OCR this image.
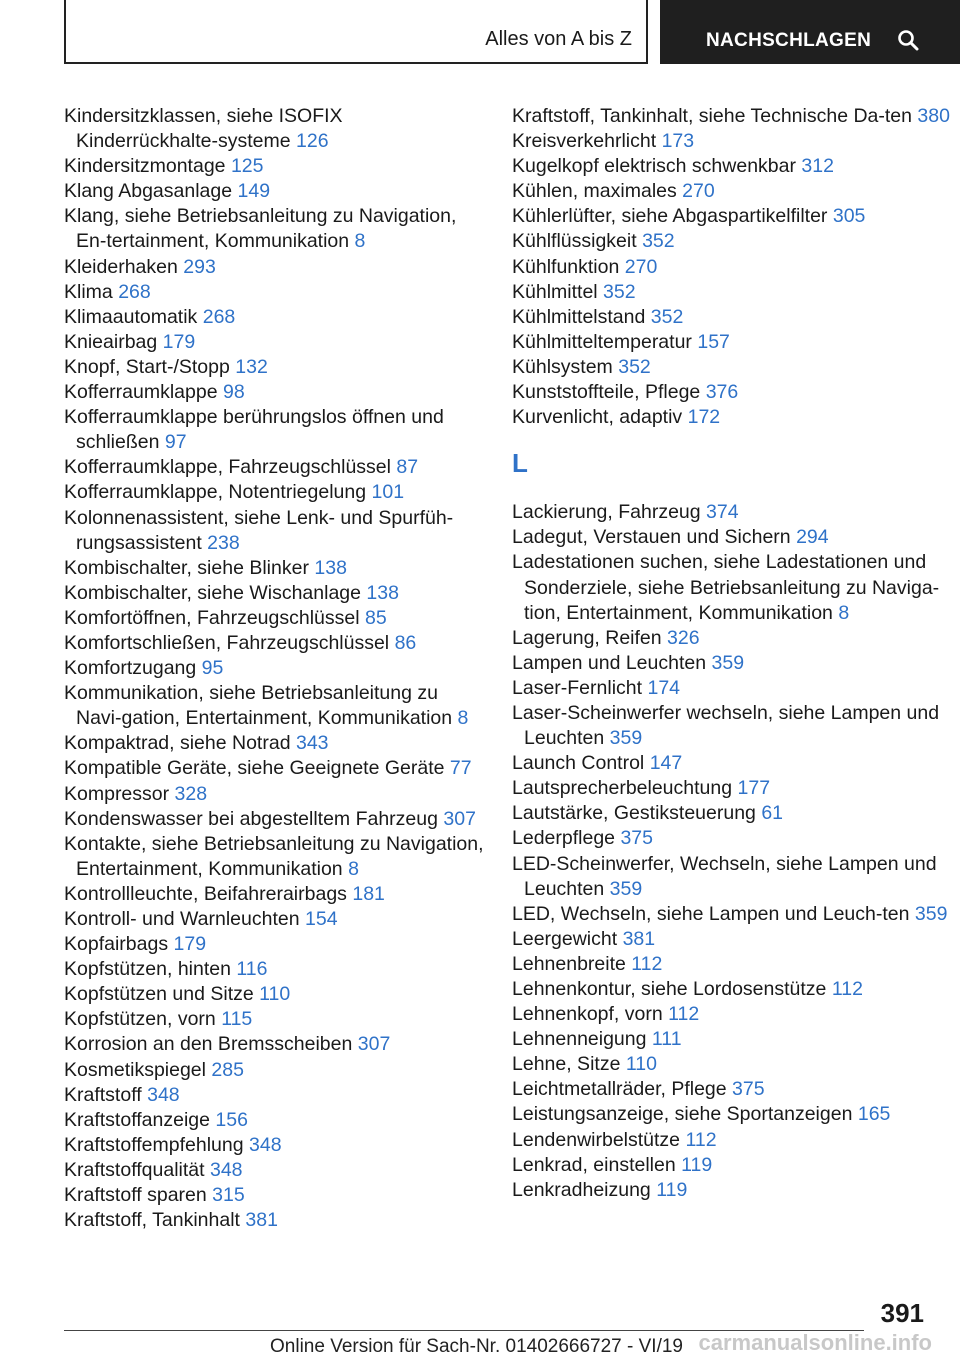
Alles von A bis Z	NACHSCHLAGEN
Kindersitzklassen, siehe ISOFIX Kinderrückhalte-systeme 126
Kindersitzmontage 125
Klang Abgasanlage 149
Klang, siehe Betriebsanleitung zu Navigation, En-tertainment, Kommunikation 8
Kleiderhaken 293
Klima 268
Klimaautomatik 268
Knieairbag 179
Knopf, Start-/Stopp 132
Kofferraumklappe 98
Kofferraumklappe berührungslos öffnen und schließen 97
Kofferraumklappe, Fahrzeugschlüssel 87
Kofferraumklappe, Notentriegelung 101
Kolonnenassistent, siehe Lenk- und Spurfüh-rungsassistent 238
Kombischalter, siehe Blinker 138
Kombischalter, siehe Wischanlage 138
Komfortöffnen, Fahrzeugschlüssel 85
Komfortschließen, Fahrzeugschlüssel 86
Komfortzugang 95
Kommunikation, siehe Betriebsanleitung zu Navi-gation, Entertainment, Kommunikation 8
Kompaktrad, siehe Notrad 343
Kompatible Geräte, siehe Geeignete Geräte 77
Kompressor 328
Kondenswasser bei abgestelltem Fahrzeug 307
Kontakte, siehe Betriebsanleitung zu Navigation, Entertainment, Kommunikation 8
Kontrollleuchte, Beifahrerairbags 181
Kontroll- und Warnleuchten 154
Kopfairbags 179
Kopfstützen, hinten 116
Kopfstützen und Sitze 110
Kopfstützen, vorn 115
Korrosion an den Bremsscheiben 307
Kosmetikspiegel 285
Kraftstoff 348
Kraftstoffanzeige 156
Kraftstoffempfehlung 348
Kraftstoffqualität 348
Kraftstoff sparen 315
Kraftstoff, Tankinhalt 381
Kraftstoff, Tankinhalt, siehe Technische Da-ten 380
Kreisverkehrlicht 173
Kugelkopf elektrisch schwenkbar 312
Kühlen, maximales 270
Kühlerlüfter, siehe Abgaspartikelfilter 305
Kühlflüssigkeit 352
Kühlfunktion 270
Kühlmittel 352
Kühlmittelstand 352
Kühlmitteltemperatur 157
Kühlsystem 352
Kunststoffteile, Pflege 376
Kurvenlicht, adaptiv 172
L
Lackierung, Fahrzeug 374
Ladegut, Verstauen und Sichern 294
Ladestationen suchen, siehe Ladestationen und Sonderziele, siehe Betriebsanleitung zu Naviga-tion, Entertainment, Kommunikation 8
Lagerung, Reifen 326
Lampen und Leuchten 359
Laser-Fernlicht 174
Laser-Scheinwerfer wechseln, siehe Lampen und Leuchten 359
Launch Control 147
Lautsprecherbeleuchtung 177
Lautstärke, Gestiksteuerung 61
Lederpflege 375
LED-Scheinwerfer, Wechseln, siehe Lampen und Leuchten 359
LED, Wechseln, siehe Lampen und Leuch-ten 359
Leergewicht 381
Lehnenbreite 112
Lehnenkontur, siehe Lordosenstütze 112
Lehnenkopf, vorn 112
Lehnenneigung 111
Lehne, Sitze 110
Leichtmetallräder, Pflege 375
Leistungsanzeige, siehe Sportanzeigen 165
Lendenwirbelstütze 112
Lenkrad, einstellen 119
Lenkradheizung 119
391
Online Version für Sach-Nr. 01402666727 - VI/19 carmanualsonline.info
